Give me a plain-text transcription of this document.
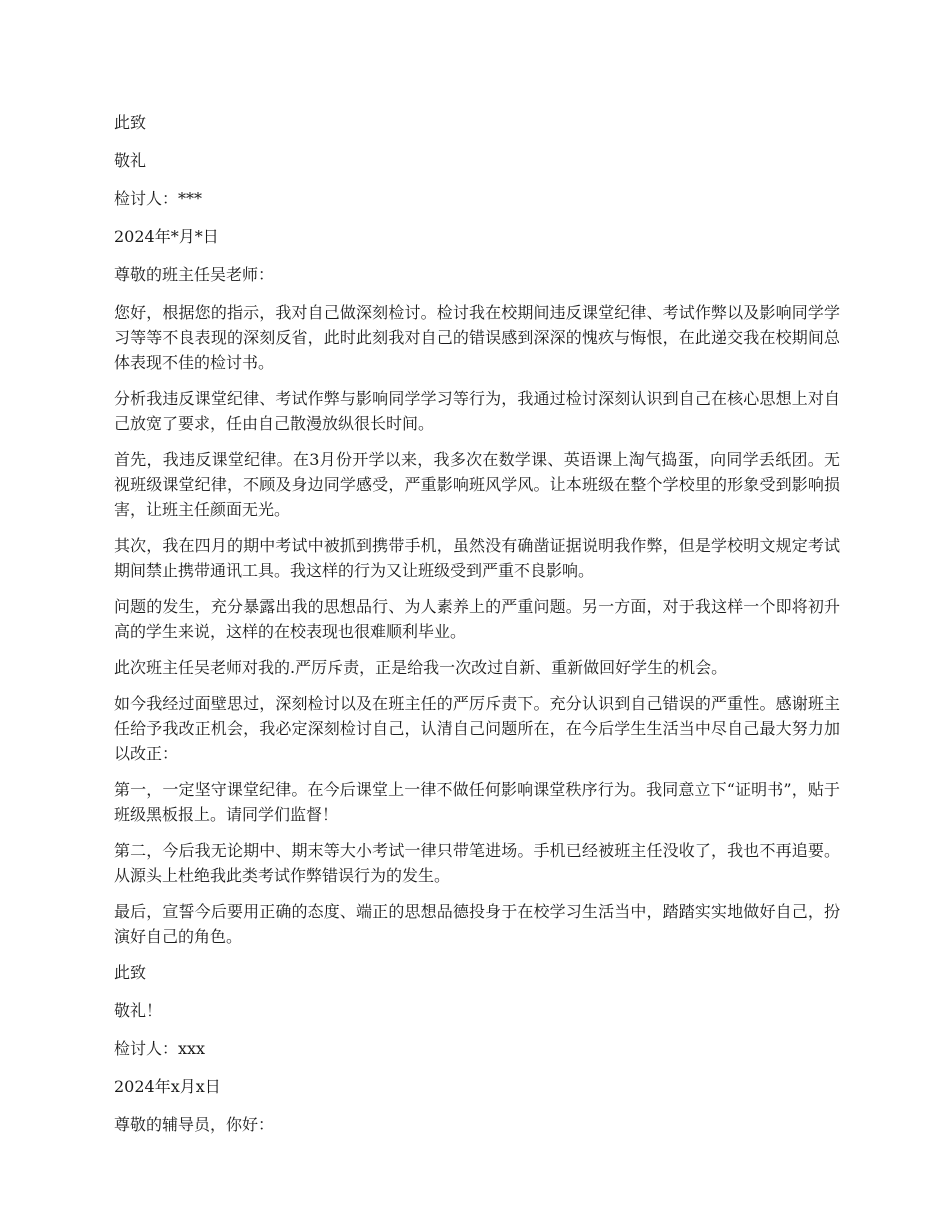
此致

敬礼

检讨人：***

2024年*月*日

尊敬的班主任吴老师：

您好，根据您的指示，我对自己做深刻检讨。检讨我在校期间违反课堂纪律、考试作弊以及影响同学学习等等不良表现的深刻反省，此时此刻我对自己的错误感到深深的愧疚与悔恨，在此递交我在校期间总体表现不佳的检讨书。

分析我违反课堂纪律、考试作弊与影响同学学习等行为，我通过检讨深刻认识到自己在核心思想上对自己放宽了要求，任由自己散漫放纵很长时间。

首先，我违反课堂纪律。在3月份开学以来，我多次在数学课、英语课上淘气捣蛋，向同学丢纸团。无视班级课堂纪律，不顾及身边同学感受，严重影响班风学风。让本班级在整个学校里的形象受到影响损害，让班主任颜面无光。

其次，我在四月的期中考试中被抓到携带手机，虽然没有确凿证据说明我作弊，但是学校明文规定考试期间禁止携带通讯工具。我这样的行为又让班级受到严重不良影响。

问题的发生，充分暴露出我的思想品行、为人素养上的严重问题。另一方面，对于我这样一个即将初升高的学生来说，这样的在校表现也很难顺利毕业。

此次班主任吴老师对我的.严厉斥责，正是给我一次改过自新、重新做回好学生的机会。

如今我经过面壁思过，深刻检讨以及在班主任的严厉斥责下。充分认识到自己错误的严重性。感谢班主任给予我改正机会，我必定深刻检讨自己，认清自己问题所在，在今后学生生活当中尽自己最大努力加以改正：

第一，一定坚守课堂纪律。在今后课堂上一律不做任何影响课堂秩序行为。我同意立下“证明书”，贴于班级黑板报上。请同学们监督！

第二，今后我无论期中、期末等大小考试一律只带笔进场。手机已经被班主任没收了，我也不再追要。从源头上杜绝我此类考试作弊错误行为的发生。

最后，宣誓今后要用正确的态度、端正的思想品德投身于在校学习生活当中，踏踏实实地做好自己，扮演好自己的角色。

此致

敬礼！

检讨人：xxx

2024年x月x日

尊敬的辅导员，你好：
